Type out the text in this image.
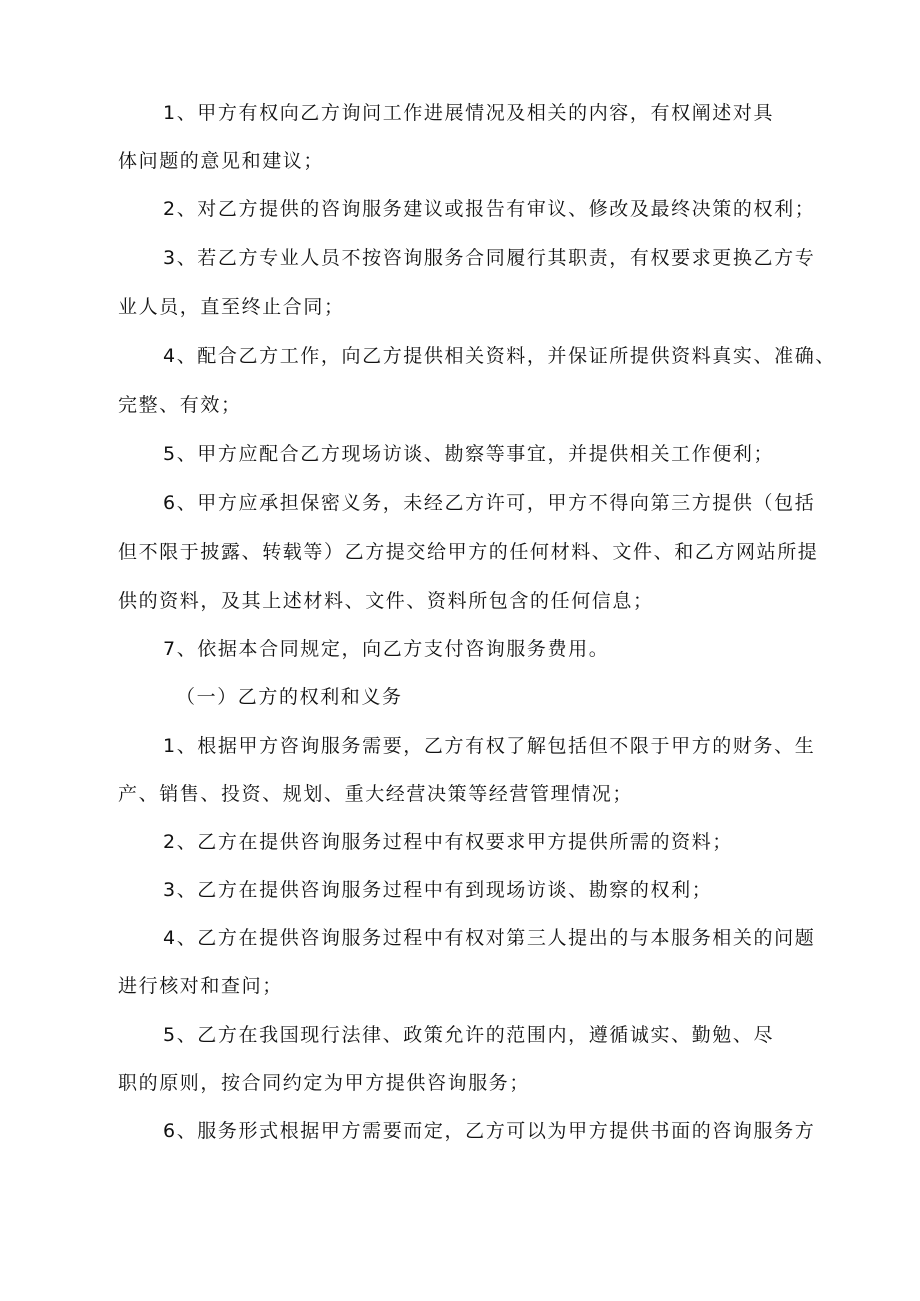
1、甲方有权向乙方询问工作进展情况及相关的内容，有权阐述对具
体问题的意见和建议；
2、对乙方提供的咨询服务建议或报告有审议、修改及最终决策的权利；
3、若乙方专业人员不按咨询服务合同履行其职责，有权要求更换乙方专
业人员，直至终止合同；
4、配合乙方工作，向乙方提供相关资料，并保证所提供资料真实、准确、
完整、有效；
5、甲方应配合乙方现场访谈、勘察等事宜，并提供相关工作便利；
6、甲方应承担保密义务，未经乙方许可，甲方不得向第三方提供（包括
但不限于披露、转载等）乙方提交给甲方的任何材料、文件、和乙方网站所提
供的资料，及其上述材料、文件、资料所包含的任何信息；
7、依据本合同规定，向乙方支付咨询服务费用。
（一）乙方的权利和义务
1、根据甲方咨询服务需要，乙方有权了解包括但不限于甲方的财务、生
产、销售、投资、规划、重大经营决策等经营管理情况；
2、乙方在提供咨询服务过程中有权要求甲方提供所需的资料；
3、乙方在提供咨询服务过程中有到现场访谈、勘察的权利；
4、乙方在提供咨询服务过程中有权对第三人提出的与本服务相关的问题
进行核对和查问；
5、乙方在我国现行法律、政策允许的范围内，遵循诚实、勤勉、尽
职的原则，按合同约定为甲方提供咨询服务；
6、服务形式根据甲方需要而定，乙方可以为甲方提供书面的咨询服务方
